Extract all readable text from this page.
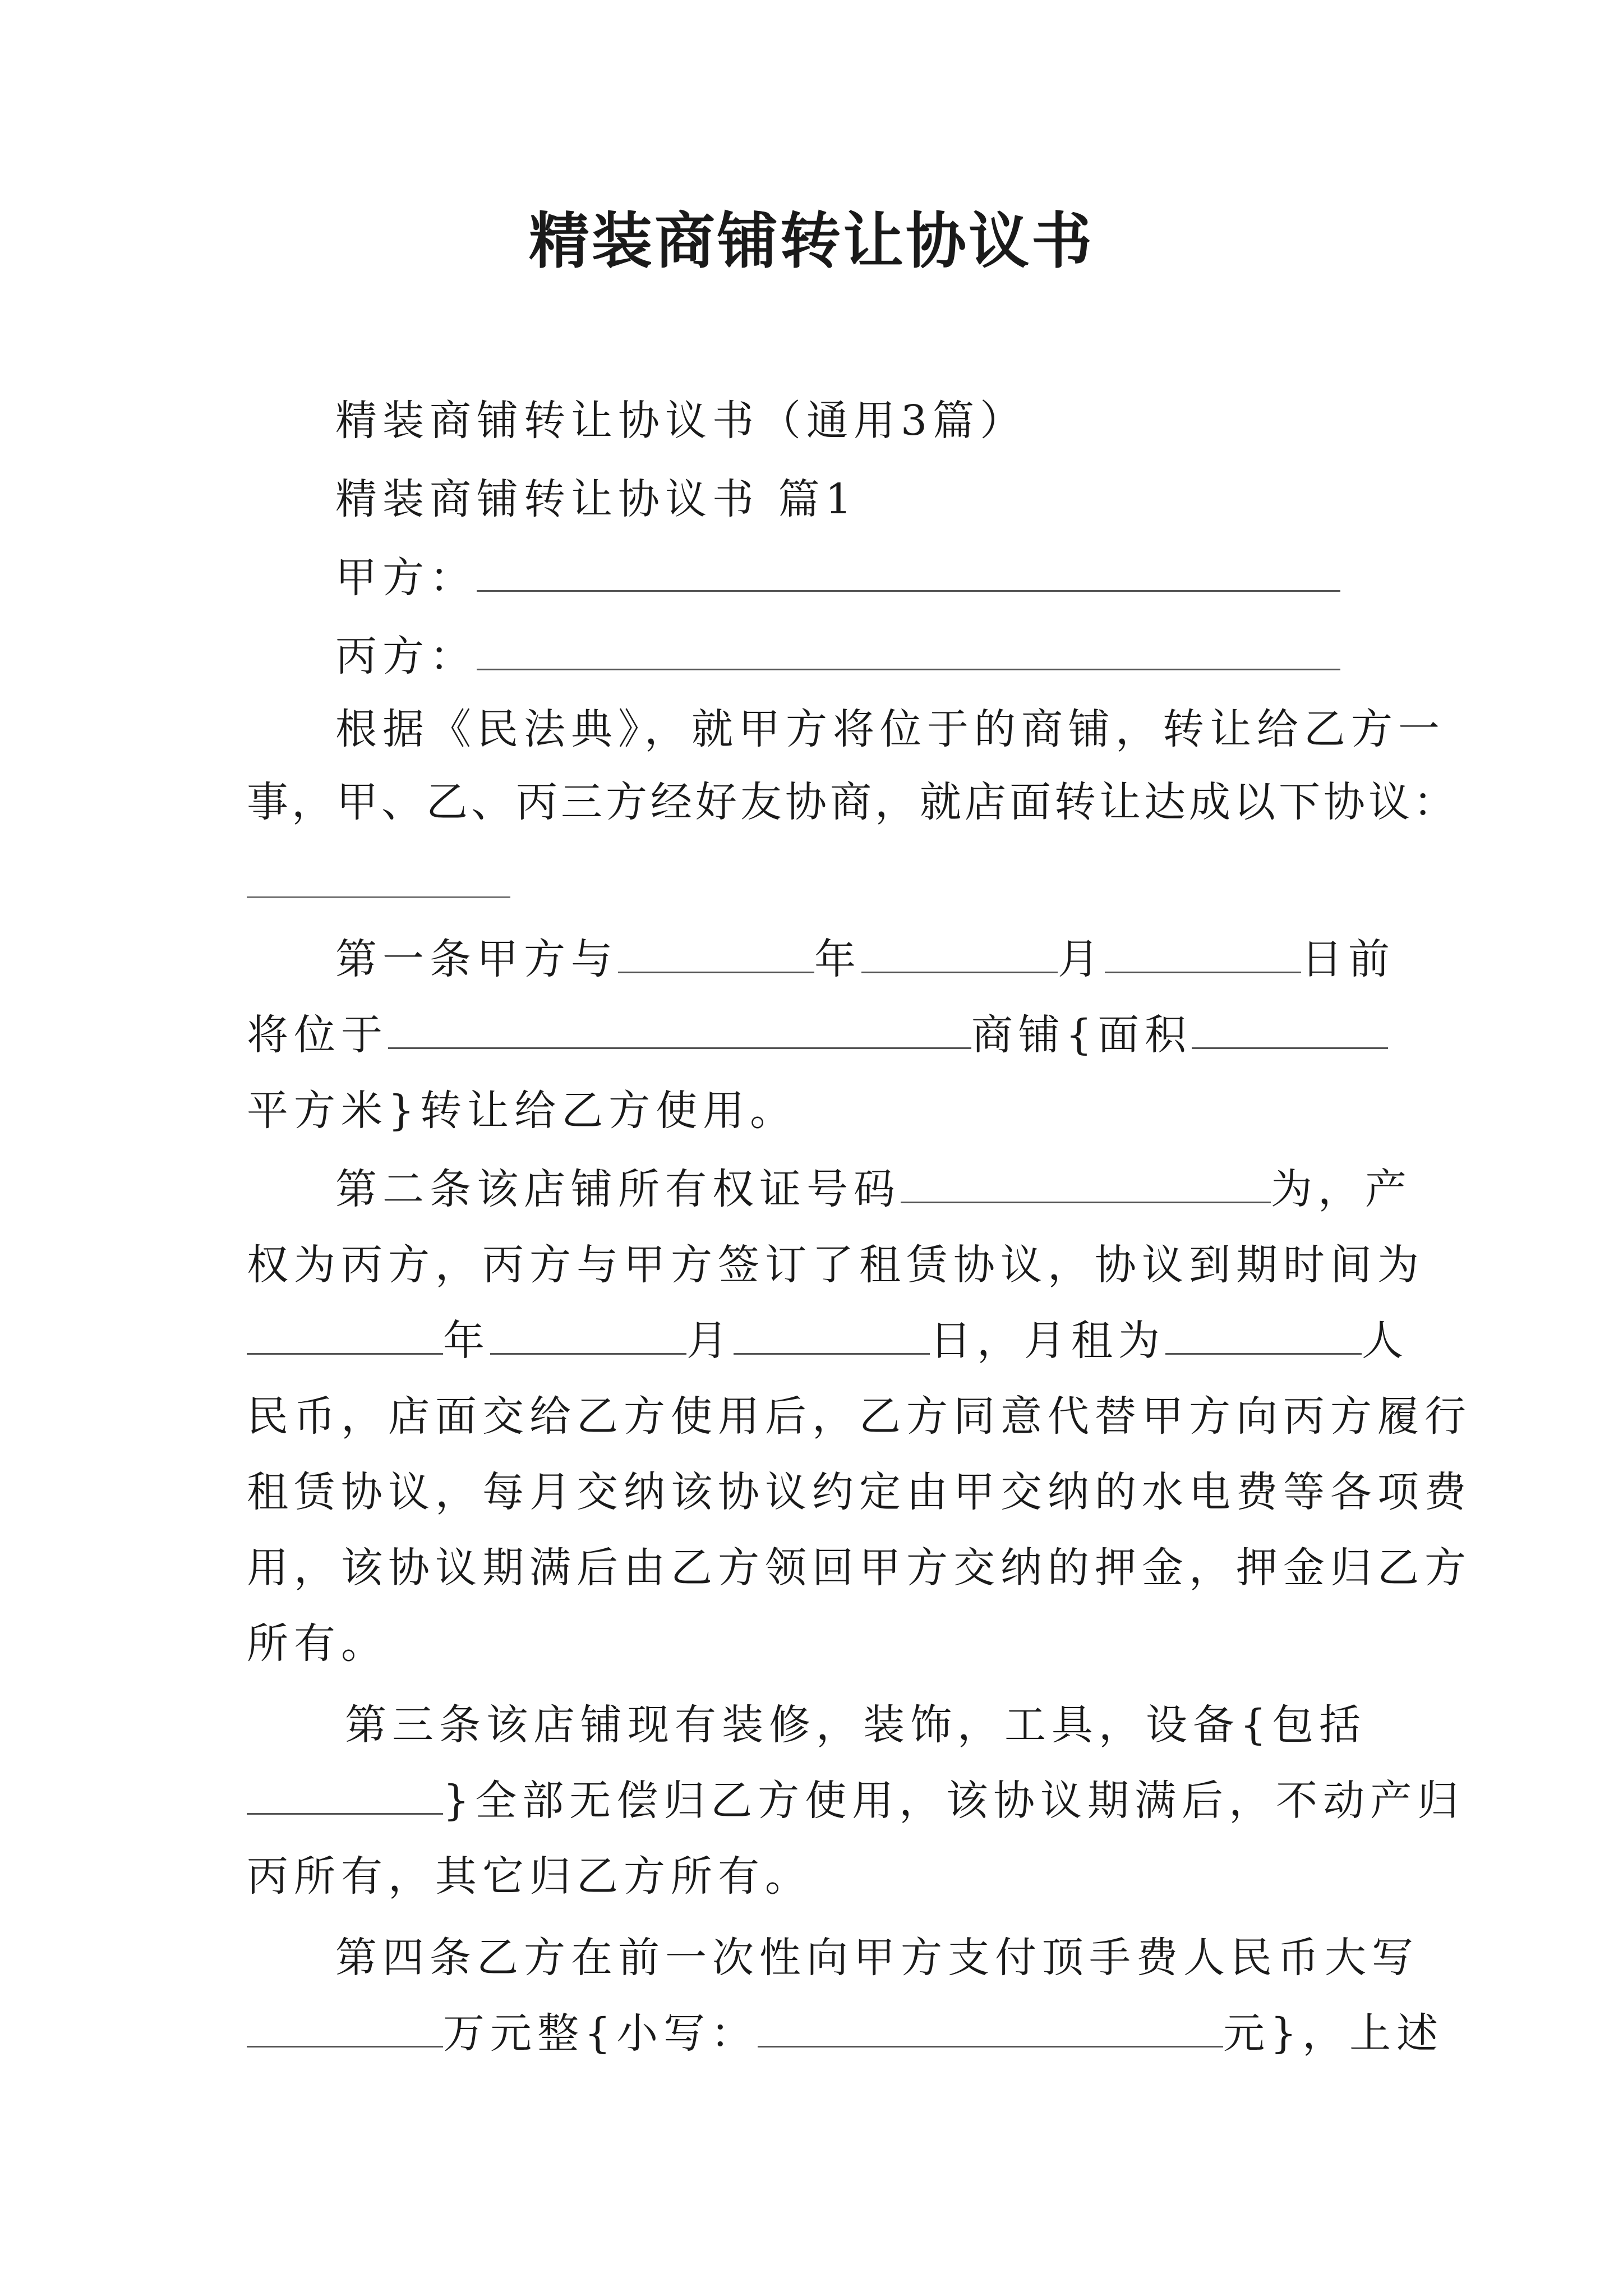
精装商铺转让协议书
精装商铺转让协议书（通用3篇）
精装商铺转让协议书 篇1
甲方：
丙方：
根据《民法典》，就甲方将位于的商铺，转让给乙方一
事，甲、乙、丙三方经好友协商，就店面转让达成以下协议：
第一条甲方与	年	月	日前
将位于	商铺{面积
平方米}转让给乙方使用。
第二条该店铺所有权证号码	为，产
权为丙方，丙方与甲方签订了租赁协议，协议到期时间为
年	月	日，月租为	人
民币，店面交给乙方使用后，乙方同意代替甲方向丙方履行
租赁协议，每月交纳该协议约定由甲交纳的水电费等各项费
用，该协议期满后由乙方领回甲方交纳的押金，押金归乙方
所有。
第三条该店铺现有装修，装饰，工具，设备{包括
}全部无偿归乙方使用，该协议期满后，不动产归
丙所有，其它归乙方所有。
第四条乙方在前一次性向甲方支付顶手费人民币大写
万元整{小写：	元}，上述
